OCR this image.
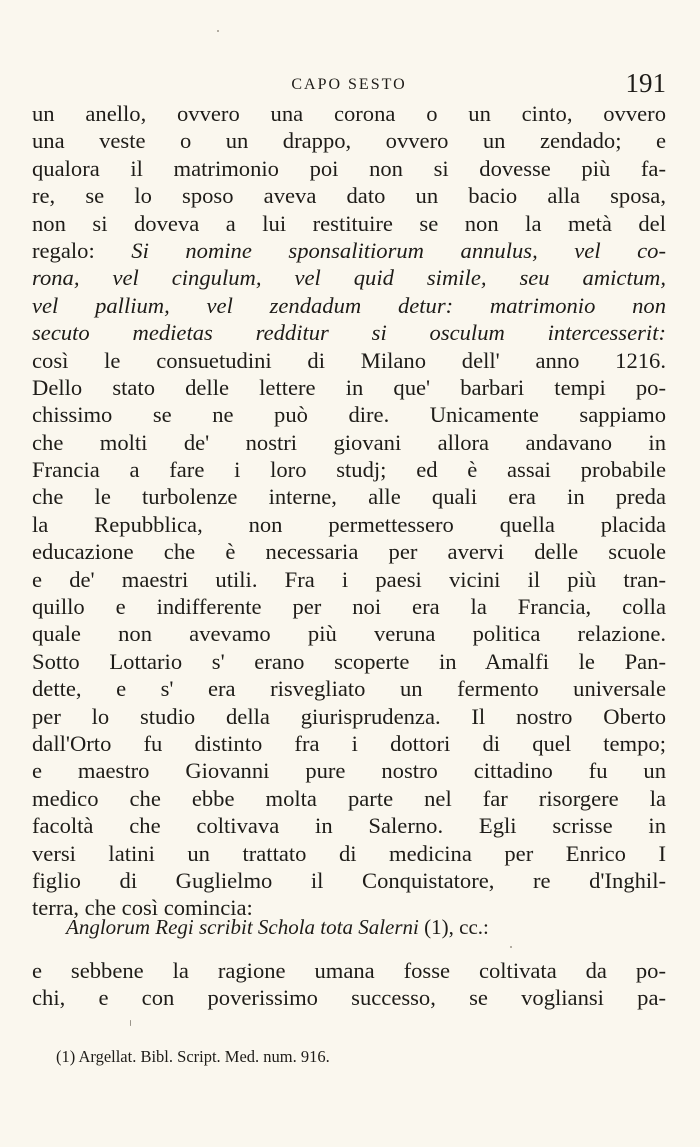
CAPO SESTO	191
un anello, ovvero una corona o un cinto, ovvero
una veste o un drappo, ovvero un zendado; e
qualora il matrimonio poi non si dovesse più fa-
re, se lo sposo aveva dato un bacio alla sposa,
non si doveva a lui restituire se non la metà del
regalo: Si nomine sponsalitiorum annulus, vel co-
rona, vel cingulum, vel quid simile, seu amictum,
vel pallium, vel zendadum detur: matrimonio non
secuto medietas redditur si osculum intercesserit:
così le consuetudini di Milano dell' anno 1216.
Dello stato delle lettere in que' barbari tempi po-
chissimo se ne può dire. Unicamente sappiamo
che molti de' nostri giovani allora andavano in
Francia a fare i loro studj; ed è assai probabile
che le turbolenze interne, alle quali era in preda
la Repubblica, non permettessero quella placida
educazione che è necessaria per avervi delle scuole
e de' maestri utili. Fra i paesi vicini il più tran-
quillo e indifferente per noi era la Francia, colla
quale non avevamo più veruna politica relazione.
Sotto Lottario s' erano scoperte in Amalfi le Pan-
dette, e s' era risvegliato un fermento universale
per lo studio della giurisprudenza. Il nostro Oberto
dall'Orto fu distinto fra i dottori di quel tempo;
e maestro Giovanni pure nostro cittadino fu un
medico che ebbe molta parte nel far risorgere la
facoltà che coltivava in Salerno. Egli scrisse in
versi latini un trattato di medicina per Enrico I
figlio di Guglielmo il Conquistatore, re d'Inghil-
terra, che così comincia:
Anglorum Regi scribit Schola tota Salerni (1), cc.:
e sebbene la ragione umana fosse coltivata da po-
chi, e con poverissimo successo, se vogliansi pa-
(1) Argellat. Bibl. Script. Med. num. 916.
